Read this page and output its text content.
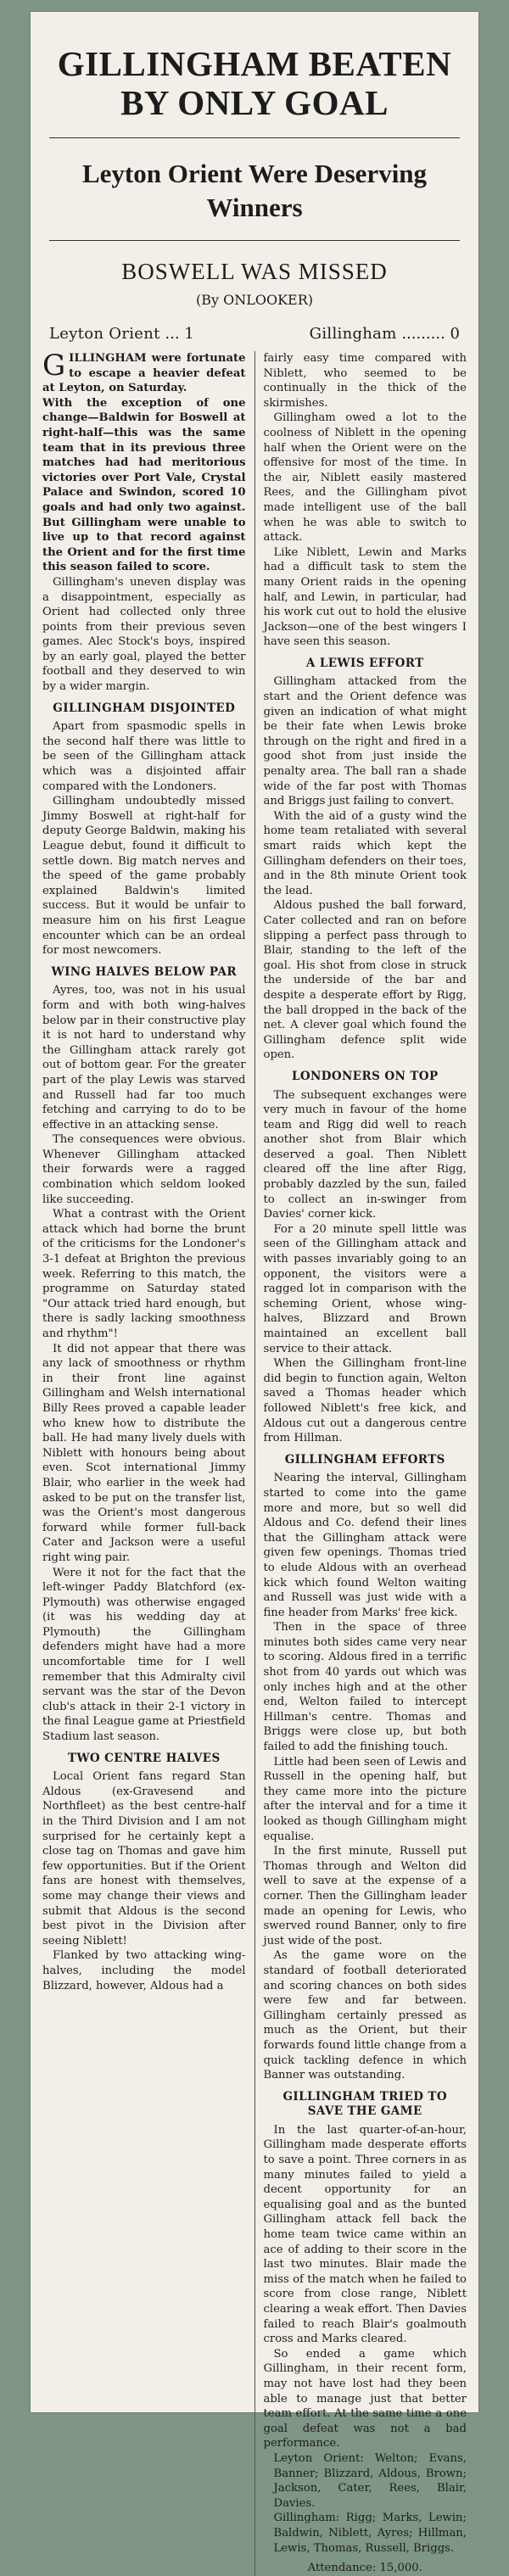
GILLINGHAM BEATEN BY ONLY GOAL
Leyton Orient Were Deserving Winners
BOSWELL WAS MISSED
(By ONLOOKER)
Leyton Orient ... 1	Gillingham ......... 0

GILLINGHAM were fortunate to escape a heavier defeat at Leyton, on Saturday.

With the exception of one change—Baldwin for Boswell at right-half—this was the same team that in its previous three matches had had meritorious victories over Port Vale, Crystal Palace and Swindon, scored 10 goals and had only two against. But Gillingham were unable to live up to that record against the Orient and for the first time this season failed to score.

Gillingham's uneven display was a disappointment, especially as Orient had collected only three points from their previous seven games. Alec Stock's boys, inspired by an early goal, played the better football and they deserved to win by a wider margin.

GILLINGHAM DISJOINTED

Apart from spasmodic spells in the second half there was little to be seen of the Gillingham attack which was a disjointed affair compared with the Londoners.

Gillingham undoubtedly missed Jimmy Boswell at right-half for deputy George Baldwin, making his League debut, found it difficult to settle down. Big match nerves and the speed of the game probably explained Baldwin's limited success. But it would be unfair to measure him on his first League encounter which can be an ordeal for most newcomers.

WING HALVES BELOW PAR

Ayres, too, was not in his usual form and with both wing-halves below par in their constructive play it is not hard to understand why the Gillingham attack rarely got out of bottom gear. For the greater part of the play Lewis was starved and Russell had far too much fetching and carrying to do to be effective in an attacking sense.

The consequences were obvious. Whenever Gillingham attacked their forwards were a ragged combination which seldom looked like succeeding.

What a contrast with the Orient attack which had borne the brunt of the criticisms for the Londoner's 3-1 defeat at Brighton the previous week. Referring to this match, the programme on Saturday stated "Our attack tried hard enough, but there is sadly lacking smoothness and rhythm"!

It did not appear that there was any lack of smoothness or rhythm in their front line against Gillingham and Welsh international Billy Rees proved a capable leader who knew how to distribute the ball. He had many lively duels with Niblett with honours being about even. Scot international Jimmy Blair, who earlier in the week had asked to be put on the transfer list, was the Orient's most dangerous forward while former full-back Cater and Jackson were a useful right wing pair.

Were it not for the fact that the left-winger Paddy Blatchford (ex-Plymouth) was otherwise engaged (it was his wedding day at Plymouth) the Gillingham defenders might have had a more uncomfortable time for I well remember that this Admiralty civil servant was the star of the Devon club's attack in their 2-1 victory in the final League game at Priestfield Stadium last season.

TWO CENTRE HALVES

Local Orient fans regard Stan Aldous (ex-Gravesend and Northfleet) as the best centre-half in the Third Division and I am not surprised for he certainly kept a close tag on Thomas and gave him few opportunities. But if the Orient fans are honest with themselves, some may change their views and submit that Aldous is the second best pivot in the Division after seeing Niblett!

Flanked by two attacking wing-halves, including the model Blizzard, however, Aldous had a

fairly easy time compared with Niblett, who seemed to be continually in the thick of the skirmishes.

Gillingham owed a lot to the coolness of Niblett in the opening half when the Orient were on the offensive for most of the time. In the air, Niblett easily mastered Rees, and the Gillingham pivot made intelligent use of the ball when he was able to switch to attack.

Like Niblett, Lewin and Marks had a difficult task to stem the many Orient raids in the opening half, and Lewin, in particular, had his work cut out to hold the elusive Jackson—one of the best wingers I have seen this season.

A LEWIS EFFORT

Gillingham attacked from the start and the Orient defence was given an indication of what might be their fate when Lewis broke through on the right and fired in a good shot from just inside the penalty area. The ball ran a shade wide of the far post with Thomas and Briggs just failing to convert.

With the aid of a gusty wind the home team retaliated with several smart raids which kept the Gillingham defenders on their toes, and in the 8th minute Orient took the lead.

Aldous pushed the ball forward, Cater collected and ran on before slipping a perfect pass through to Blair, standing to the left of the goal. His shot from close in struck the underside of the bar and despite a desperate effort by Rigg, the ball dropped in the back of the net. A clever goal which found the Gillingham defence split wide open.

LONDONERS ON TOP

The subsequent exchanges were very much in favour of the home team and Rigg did well to reach another shot from Blair which deserved a goal. Then Niblett cleared off the line after Rigg, probably dazzled by the sun, failed to collect an in-swinger from Davies' corner kick.

For a 20 minute spell little was seen of the Gillingham attack and with passes invariably going to an opponent, the visitors were a ragged lot in comparison with the scheming Orient, whose wing-halves, Blizzard and Brown maintained an excellent ball service to their attack.

When the Gillingham front-line did begin to function again, Welton saved a Thomas header which followed Niblett's free kick, and Aldous cut out a dangerous centre from Hillman.

GILLINGHAM EFFORTS

Nearing the interval, Gillingham started to come into the game more and more, but so well did Aldous and Co. defend their lines that the Gillingham attack were given few openings. Thomas tried to elude Aldous with an overhead kick which found Welton waiting and Russell was just wide with a fine header from Marks' free kick.

Then in the space of three minutes both sides came very near to scoring. Aldous fired in a terrific shot from 40 yards out which was only inches high and at the other end, Welton failed to intercept Hillman's centre. Thomas and Briggs were close up, but both failed to add the finishing touch.

Little had been seen of Lewis and Russell in the opening half, but they came more into the picture after the interval and for a time it looked as though Gillingham might equalise.

In the first minute, Russell put Thomas through and Welton did well to save at the expense of a corner. Then the Gillingham leader made an opening for Lewis, who swerved round Banner, only to fire just wide of the post.

As the game wore on the standard of football deteriorated and scoring chances on both sides were few and far between. Gillingham certainly pressed as much as the Orient, but their forwards found little change from a quick tackling defence in which Banner was outstanding.

GILLINGHAM TRIED TO SAVE THE GAME

In the last quarter-of-an-hour, Gillingham made desperate efforts to save a point. Three corners in as many minutes failed to yield a decent opportunity for an equalising goal and as the bunted Gillingham attack fell back the home team twice came within an ace of adding to their score in the last two minutes. Blair made the miss of the match when he failed to score from close range, Niblett clearing a weak effort. Then Davies failed to reach Blair's goalmouth cross and Marks cleared.

So ended a game which Gillingham, in their recent form, may not have lost had they been able to manage just that better team effort. At the same time a one goal defeat was not a bad performance.

Leyton Orient: Welton; Evans, Banner; Blizzard, Aldous, Brown; Jackson, Cater, Rees, Blair, Davies.

Gillingham: Rigg; Marks, Lewin; Baldwin, Niblett, Ayres; Hillman, Lewis, Thomas, Russell, Briggs.

Attendance: 15,000.
